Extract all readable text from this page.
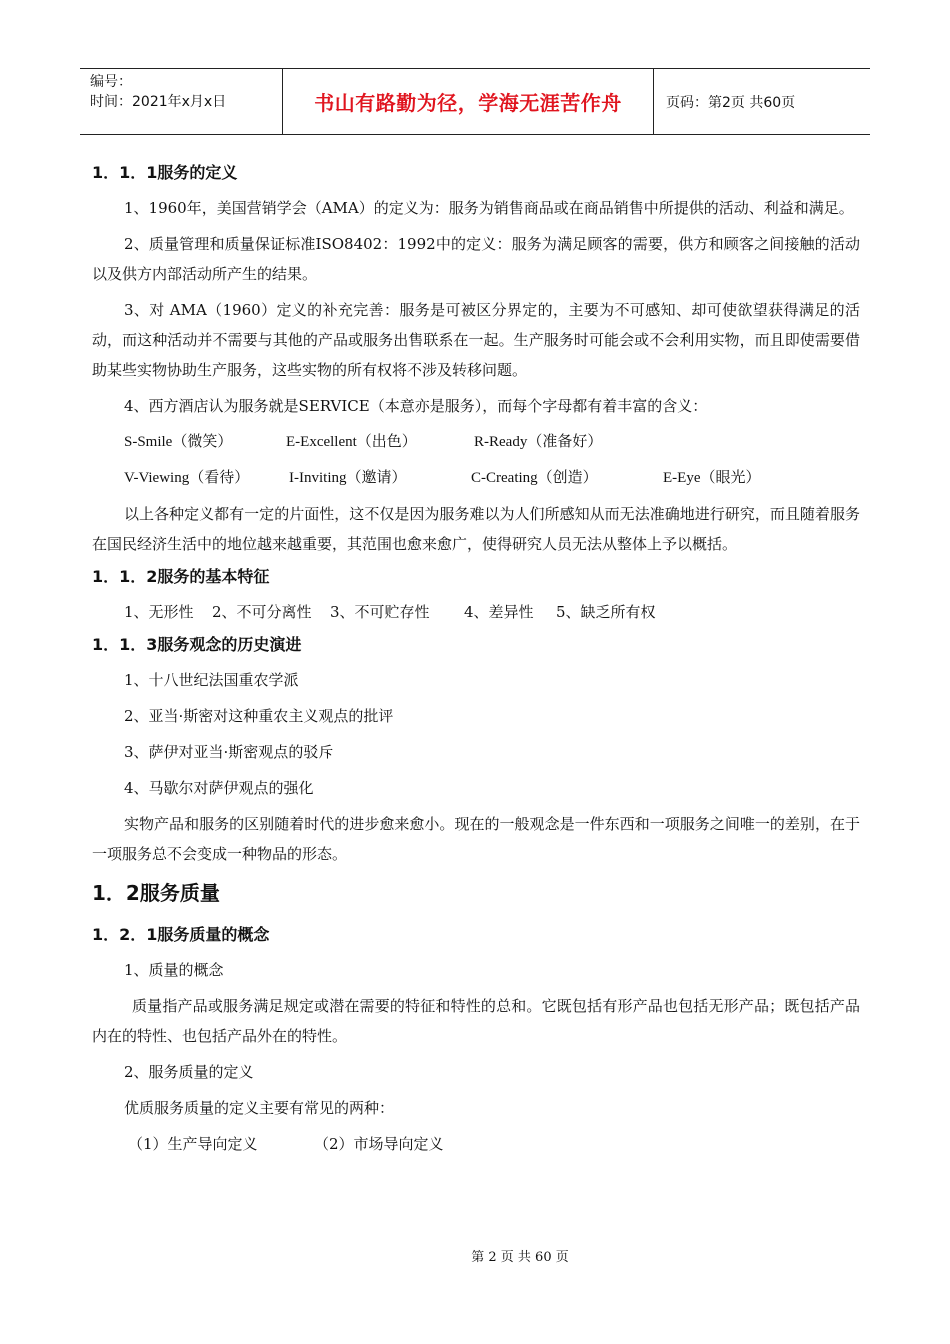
编号：
时间：2021年x月x日	书山有路勤为径，学海无涯苦作舟	页码：第2页 共60页
1．1．1服务的定义

1、1960年，美国营销学会（AMA）的定义为：服务为销售商品或在商品销售中所提供的活动、利益和满足。

2、质量管理和质量保证标准ISO8402：1992中的定义：服务为满足顾客的需要，供方和顾客之间接触的活动以及供方内部活动所产生的结果。

3、对 AMA（1960）定义的补充完善：服务是可被区分界定的，主要为不可感知、却可使欲望获得满足的活动，而这种活动并不需要与其他的产品或服务出售联系在一起。生产服务时可能会或不会利用实物，而且即使需要借助某些实物协助生产服务，这些实物的所有权将不涉及转移问题。

4、西方酒店认为服务就是SERVICE（本意亦是服务），而每个字母都有着丰富的含义：

S-Smile（微笑）	E-Excellent（出色）	R-Ready（准备好）
V-Viewing（看待）	I-Inviting（邀请）	C-Creating（创造）	E-Eye（眼光）

以上各种定义都有一定的片面性，这不仅是因为服务难以为人们所感知从而无法准确地进行研究，而且随着服务在国民经济生活中的地位越来越重要，其范围也愈来愈广，使得研究人员无法从整体上予以概括。

1．1．2服务的基本特征
1、无形性	2、不可分离性	3、不可贮存性	4、差异性	5、缺乏所有权
1．1．3服务观念的历史演进

1、十八世纪法国重农学派

2、亚当·斯密对这种重农主义观点的批评

3、萨伊对亚当·斯密观点的驳斥

4、马歇尔对萨伊观点的强化

实物产品和服务的区别随着时代的进步愈来愈小。现在的一般观念是一件东西和一项服务之间唯一的差别，在于一项服务总不会变成一种物品的形态。

1．2服务质量
1．2．1服务质量的概念

1、质量的概念

质量指产品或服务满足规定或潜在需要的特征和特性的总和。它既包括有形产品也包括无形产品；既包括产品内在的特性、也包括产品外在的特性。

2、服务质量的定义

优质服务质量的定义主要有常见的两种：

（1）生产导向定义	（2）市场导向定义
第 2 页 共 60 页
